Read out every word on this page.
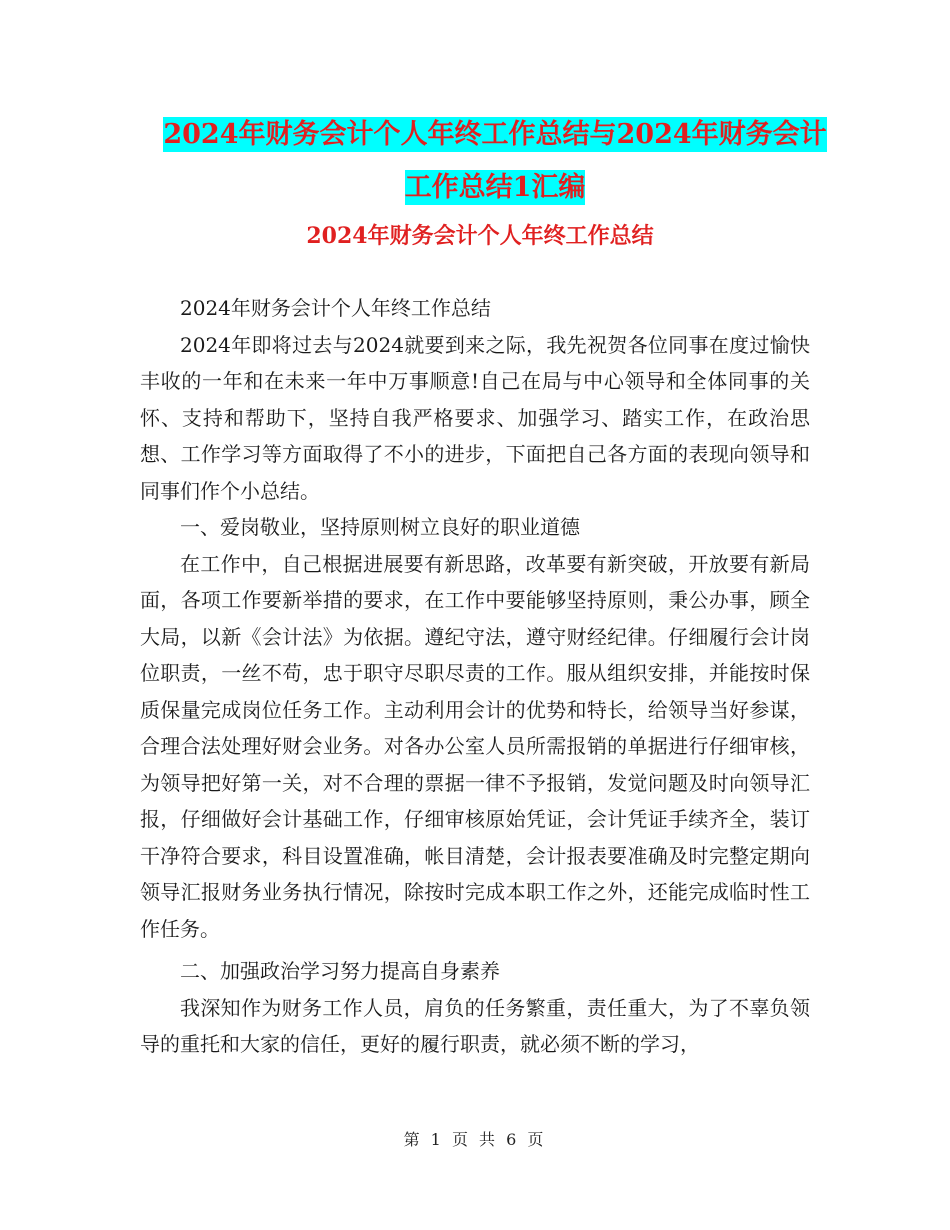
2024年财务会计个人年终工作总结与2024年财务会计
工作总结1汇编
2024年财务会计个人年终工作总结

2024年财务会计个人年终工作总结

2024年即将过去与2024就要到来之际，我先祝贺各位同事在度过愉快丰收的一年和在未来一年中万事顺意!自己在局与中心领导和全体同事的关怀、支持和帮助下，坚持自我严格要求、加强学习、踏实工作，在政治思想、工作学习等方面取得了不小的进步，下面把自己各方面的表现向领导和同事们作个小总结。

一、爱岗敬业，坚持原则树立良好的职业道德

在工作中，自己根据进展要有新思路，改革要有新突破，开放要有新局面，各项工作要新举措的要求，在工作中要能够坚持原则，秉公办事，顾全大局，以新《会计法》为依据。遵纪守法，遵守财经纪律。仔细履行会计岗位职责，一丝不苟，忠于职守尽职尽责的工作。服从组织安排，并能按时保质保量完成岗位任务工作。主动利用会计的优势和特长，给领导当好参谋，合理合法处理好财会业务。对各办公室人员所需报销的单据进行仔细审核，为领导把好第一关，对不合理的票据一律不予报销，发觉问题及时向领导汇报，仔细做好会计基础工作，仔细审核原始凭证，会计凭证手续齐全，装订干净符合要求，科目设置准确，帐目清楚，会计报表要准确及时完整定期向领导汇报财务业务执行情况，除按时完成本职工作之外，还能完成临时性工作任务。

二、加强政治学习努力提高自身素养

我深知作为财务工作人员，肩负的任务繁重，责任重大，为了不辜负领导的重托和大家的信任，更好的履行职责，就必须不断的学习，

第 1 页 共 6 页
